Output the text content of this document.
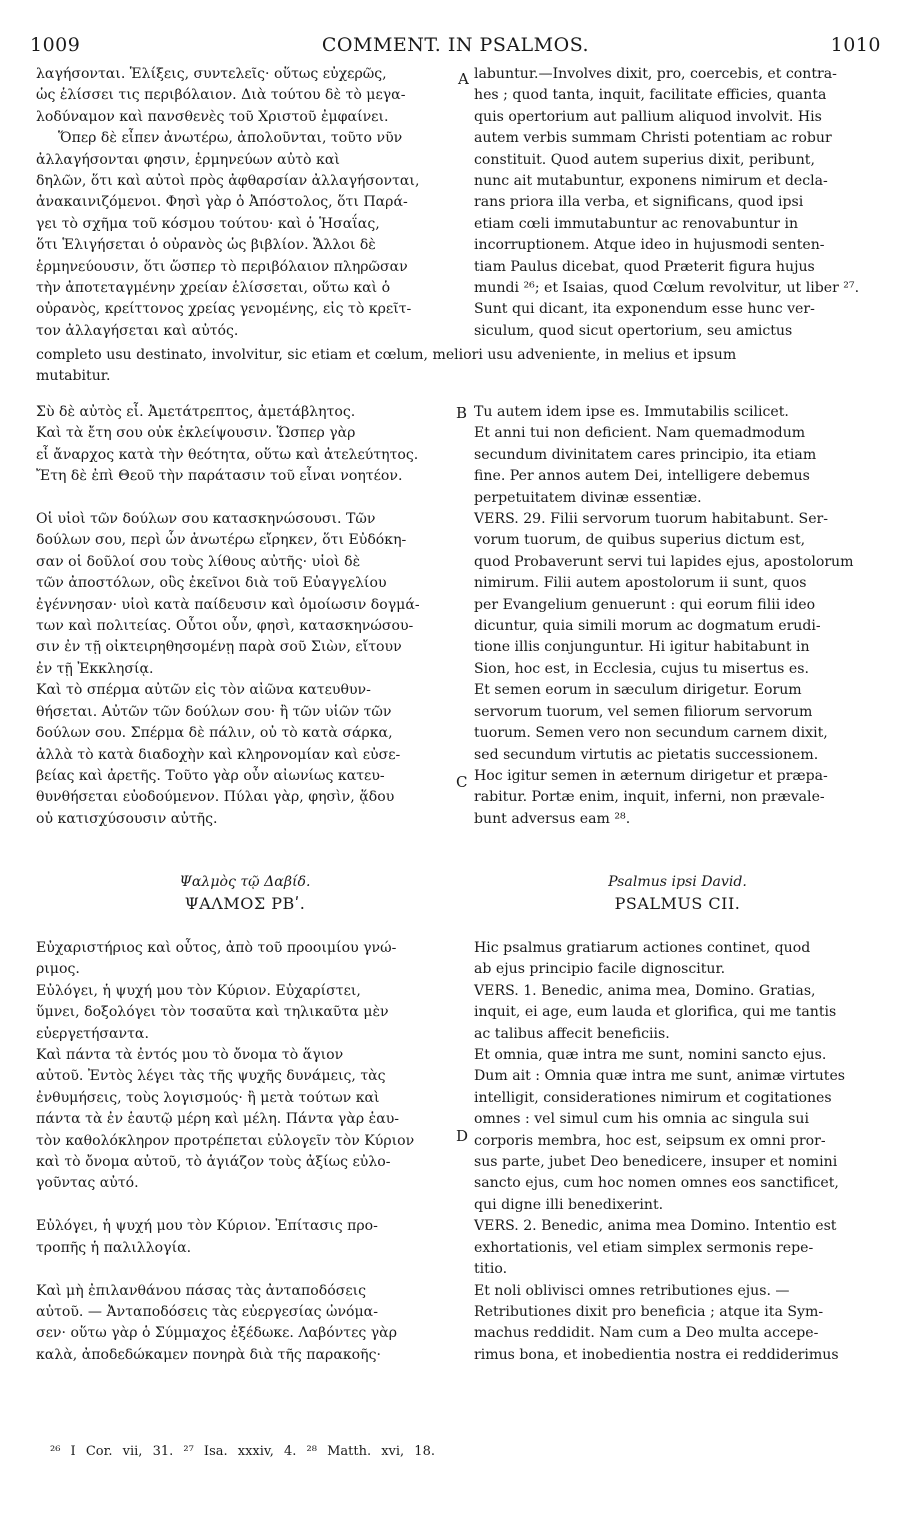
1009	COMMENT. IN PSALMOS.	1010
λαγήσονται. Ἑλίξεις, συντελεῖς· οὕτως εὐχερῶς,
ὡς ἑλίσσει τις περιβόλαιον. Διὰ τούτου δὲ τὸ μεγα-
λοδύναμον καὶ πανσθενὲς τοῦ Χριστοῦ ἐμφαίνει.
Ὅπερ δὲ εἶπεν ἀνωτέρω, ἀπολοῦνται, τοῦτο νῦν
ἀλλαγήσονται φησιν, ἑρμηνεύων αὐτὸ καὶ
δηλῶν, ὅτι καὶ αὐτοὶ πρὸς ἀφθαρσίαν ἀλλαγήσονται,
ἀνακαινιζόμενοι. Φησὶ γὰρ ὁ Ἀπόστολος, ὅτι Παρά-
γει τὸ σχῆμα τοῦ κόσμου τούτου· καὶ ὁ Ἡσαΐας,
ὅτι Ἑλιγήσεται ὁ οὐρανὸς ὡς βιβλίον. Ἄλλοι δὲ
ἑρμηνεύουσιν, ὅτι ὥσπερ τὸ περιβόλαιον πληρῶσαν
τὴν ἀποτεταγμένην χρείαν ἑλίσσεται, οὕτω καὶ ὁ
οὐρανὸς, κρείττονος χρείας γενομένης, εἰς τὸ κρεῖτ-
τον ἀλλαγήσεται καὶ αὐτός.
A labuntur.—Involves dixit, pro, coercebis, et contra-
hes ; quod tanta, inquit, facilitate efficies, quanta
quis opertorium aut pallium aliquod involvit. His
autem verbis summam Christi potentiam ac robur
constituit. Quod autem superius dixit, peribunt,
nunc ait mutabuntur, exponens nimirum et decla-
rans priora illa verba, et significans, quod ipsi
etiam cœli immutabuntur ac renovabuntur in
incorruptionem. Atque ideo in hujusmodi senten-
tiam Paulus dicebat, quod Præterit figura hujus
mundi ²⁶; et Isaias, quod Cœlum revolvitur, ut liber ²⁷.
Sunt qui dicant, ita exponendum esse hunc ver-
siculum, quod sicut opertorium, seu amictus
completo usu destinato, involvitur, sic etiam et cœlum, meliori usu adveniente, in melius et ipsum
mutabitur.
Σὺ δὲ αὐτὸς εἶ. Ἀμετάτρεπτος, ἀμετάβλητος.
Καὶ τὰ ἔτη σου οὐκ ἐκλείψουσιν. Ὥσπερ γὰρ
εἶ ἄναρχος κατὰ τὴν θεότητα, οὕτω καὶ ἀτελεύτητος.
Ἔτη δὲ ἐπὶ Θεοῦ τὴν παράτασιν τοῦ εἶναι νοητέον.

Οἱ υἱοὶ τῶν δούλων σου κατασκηνώσουσι. Τῶν
δούλων σου, περὶ ὧν ἀνωτέρω εἴρηκεν, ὅτι Εὐδόκη-
σαν οἱ δοῦλοί σου τοὺς λίθους αὐτῆς· υἱοὶ δὲ
τῶν ἀποστόλων, οὓς ἐκεῖνοι διὰ τοῦ Εὐαγγελίου
ἐγέννησαν· υἱοὶ κατὰ παίδευσιν καὶ ὁμοίωσιν δογμά-
των καὶ πολιτείας. Οὗτοι οὖν, φησὶ, κατασκηνώσου-
σιν ἐν τῇ οἰκτειρηθησομένῃ παρὰ σοῦ Σιὼν, εἴτουν
ἐν τῇ Ἐκκλησίᾳ.
Καὶ τὸ σπέρμα αὐτῶν εἰς τὸν αἰῶνα κατευθυν-
θήσεται. Αὐτῶν τῶν δούλων σου· ἢ τῶν υἱῶν τῶν
δούλων σου. Σπέρμα δὲ πάλιν, οὐ τὸ κατὰ σάρκα,
ἀλλὰ τὸ κατὰ διαδοχὴν καὶ κληρονομίαν καὶ εὐσε-
βείας καὶ ἀρετῆς. Τοῦτο γὰρ οὖν αἰωνίως κατευ-
θυνθήσεται εὐοδούμενον. Πύλαι γὰρ, φησὶν, ᾅδου
οὐ κατισχύσουσιν αὐτῆς.
B
C
Tu autem idem ipse es. Immutabilis scilicet.
Et anni tui non deficient. Nam quemadmodum
secundum divinitatem cares principio, ita etiam
fine. Per annos autem Dei, intelligere debemus
perpetuitatem divinæ essentiæ.
VERS. 29. Filii servorum tuorum habitabunt. Ser-
vorum tuorum, de quibus superius dictum est,
quod Probaverunt servi tui lapides ejus, apostolorum
nimirum. Filii autem apostolorum ii sunt, quos
per Evangelium genuerunt : qui eorum filii ideo
dicuntur, quia simili morum ac dogmatum erudi-
tione illis conjunguntur. Hi igitur habitabunt in
Sion, hoc est, in Ecclesia, cujus tu misertus es.
Et semen eorum in sæculum dirigetur. Eorum
servorum tuorum, vel semen filiorum servorum
tuorum. Semen vero non secundum carnem dixit,
sed secundum virtutis ac pietatis successionem.
Hoc igitur semen in æternum dirigetur et præpa-
rabitur. Portæ enim, inquit, inferni, non prævale-
bunt adversus eam ²⁸.
Ψαλμὸς τῷ Δαβίδ.
ΨΑΛΜΟΣ ΡΒʹ.
Psalmus ipsi David.
PSALMUS CII.
Εὐχαριστήριος καὶ οὗτος, ἀπὸ τοῦ προοιμίου γνώ-
ριμος.
Εὐλόγει, ἡ ψυχή μου τὸν Κύριον. Εὐχαρίστει,
ὕμνει, δοξολόγει τὸν τοσαῦτα καὶ τηλικαῦτα μὲν
εὐεργετήσαντα.
Καὶ πάντα τὰ ἐντός μου τὸ ὄνομα τὸ ἅγιον
αὐτοῦ. Ἐντὸς λέγει τὰς τῆς ψυχῆς δυνάμεις, τὰς
ἐνθυμήσεις, τοὺς λογισμούς· ἢ μετὰ τούτων καὶ
πάντα τὰ ἐν ἑαυτῷ μέρη καὶ μέλη. Πάντα γὰρ ἑαυ-
τὸν καθολόκληρον προτρέπεται εὐλογεῖν τὸν Κύριον
καὶ τὸ ὄνομα αὐτοῦ, τὸ ἁγιάζον τοὺς ἀξίως εὐλο-
γοῦντας αὐτό.

Εὐλόγει, ἡ ψυχή μου τὸν Κύριον. Ἐπίτασις προ-
τροπῆς ἡ παλιλλογία.

Καὶ μὴ ἐπιλανθάνου πάσας τὰς ἀνταποδόσεις
αὐτοῦ. — Ἀνταποδόσεις τὰς εὐεργεσίας ὠνόμα-
σεν· οὕτω γὰρ ὁ Σύμμαχος ἐξέδωκε. Λαβόντες γὰρ
καλὰ, ἀποδεδώκαμεν πονηρὰ διὰ τῆς παρακοῆς·
D
Hic psalmus gratiarum actiones continet, quod
ab ejus principio facile dignoscitur.
VERS. 1. Benedic, anima mea, Domino. Gratias,
inquit, ei age, eum lauda et glorifica, qui me tantis
ac talibus affecit beneficiis.
Et omnia, quæ intra me sunt, nomini sancto ejus.
Dum ait : Omnia quæ intra me sunt, animæ virtutes
intelligit, considerationes nimirum et cogitationes
omnes : vel simul cum his omnia ac singula sui
corporis membra, hoc est, seipsum ex omni pror-
sus parte, jubet Deo benedicere, insuper et nomini
sancto ejus, cum hoc nomen omnes eos sanctificet,
qui digne illi benedixerint.
VERS. 2. Benedic, anima mea Domino. Intentio est
exhortationis, vel etiam simplex sermonis repe-
titio.
Et noli oblivisci omnes retributiones ejus. —
Retributiones dixit pro beneficia ; atque ita Sym-
machus reddidit. Nam cum a Deo multa accepe-
rimus bona, et inobedientia nostra ei reddiderimus
²⁶ I Cor. vii, 31. ²⁷ Isa. xxxiv, 4. ²⁸ Matth. xvi, 18.
